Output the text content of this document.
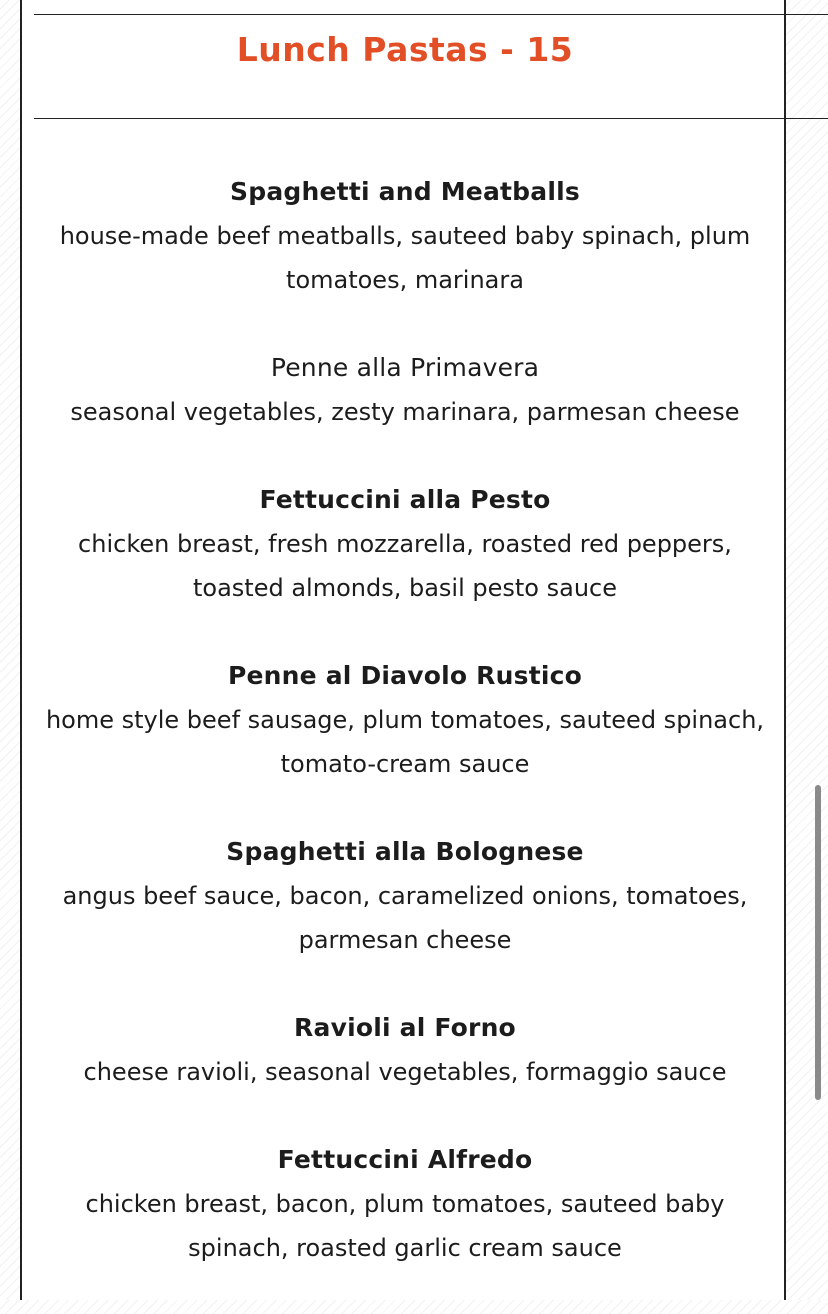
Lunch Pastas - 15
Spaghetti and Meatballs
house-made beef meatballs, sauteed baby spinach, plum tomatoes, marinara
Penne alla Primavera
seasonal vegetables, zesty marinara, parmesan cheese
Fettuccini alla Pesto
chicken breast, fresh mozzarella, roasted red peppers, toasted almonds, basil pesto sauce
Penne al Diavolo Rustico
home style beef sausage, plum tomatoes, sauteed spinach, tomato-cream sauce
Spaghetti alla Bolognese
angus beef sauce, bacon, caramelized onions, tomatoes, parmesan cheese
Ravioli al Forno
cheese ravioli, seasonal vegetables, formaggio sauce
Fettuccini Alfredo
chicken breast, bacon, plum tomatoes, sauteed baby spinach, roasted garlic cream sauce
